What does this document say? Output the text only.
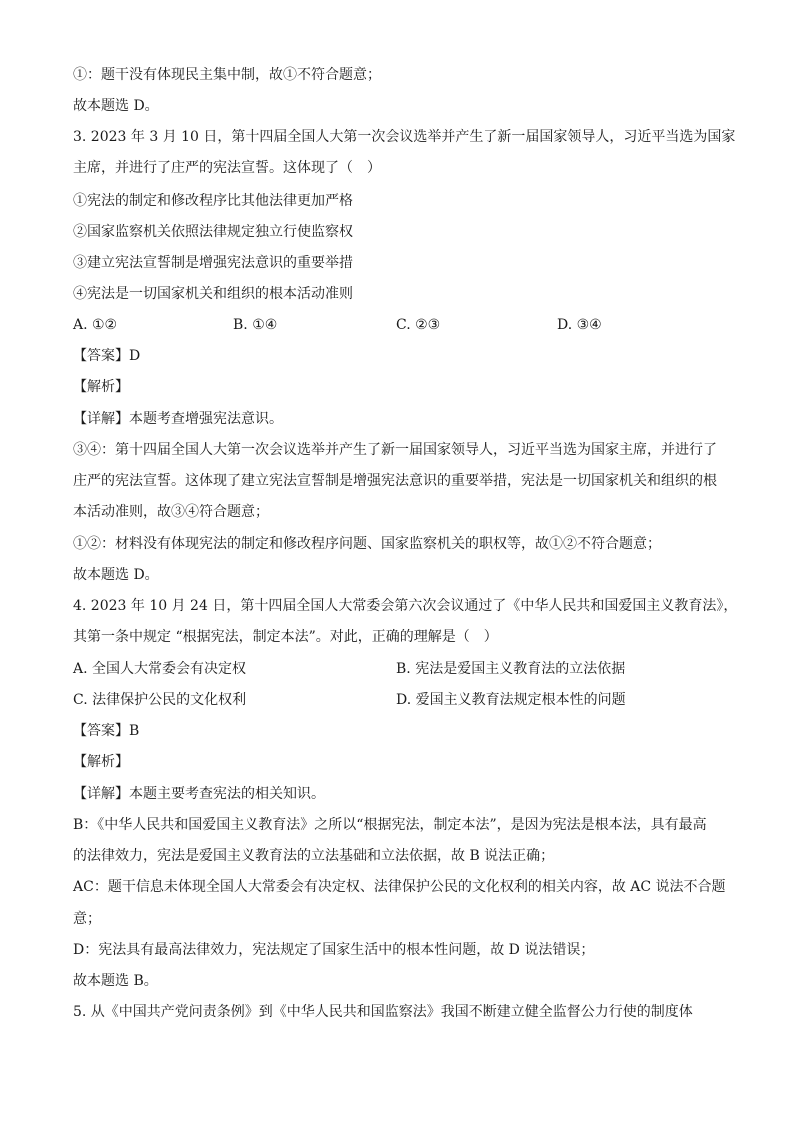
①：题干没有体现民主集中制，故①不符合题意；
故本题选 D。
3. 2023 年 3 月 10 日，第十四届全国人大第一次会议选举并产生了新一届国家领导人，习近平当选为国家
主席，并进行了庄严的宪法宣誓。这体现了（　）
①宪法的制定和修改程序比其他法律更加严格
②国家监察机关依照法律规定独立行使监察权
③建立宪法宣誓制是增强宪法意识的重要举措
④宪法是一切国家机关和组织的根本活动准则
A. ①②	B. ①④	C. ②③	D. ③④
【答案】D
【解析】
【详解】本题考查增强宪法意识。
③④：第十四届全国人大第一次会议选举并产生了新一届国家领导人，习近平当选为国家主席，并进行了
庄严的宪法宣誓。这体现了建立宪法宣誓制是增强宪法意识的重要举措，宪法是一切国家机关和组织的根
本活动准则，故③④符合题意；
①②：材料没有体现宪法的制定和修改程序问题、国家监察机关的职权等，故①②不符合题意；
故本题选 D。
4. 2023 年 10 月 24 日，第十四届全国人大常委会第六次会议通过了《中华人民共和国爱国主义教育法》，
其第一条中规定 “根据宪法，制定本法”。对此，正确的理解是（　）
A. 全国人大常委会有决定权	B. 宪法是爱国主义教育法的立法依据
C. 法律保护公民的文化权利	D. 爱国主义教育法规定根本性的问题
【答案】B
【解析】
【详解】本题主要考查宪法的相关知识。
B：《中华人民共和国爱国主义教育法》之所以“根据宪法，制定本法”，是因为宪法是根本法，具有最高
的法律效力，宪法是爱国主义教育法的立法基础和立法依据，故 B 说法正确；
AC：题干信息未体现全国人大常委会有决定权、法律保护公民的文化权利的相关内容，故 AC 说法不合题
意；
D：宪法具有最高法律效力，宪法规定了国家生活中的根本性问题，故 D 说法错误；
故本题选 B。
5. 从《中国共产党问责条例》到《中华人民共和国监察法》我国不断建立健全监督公力行使的制度体
